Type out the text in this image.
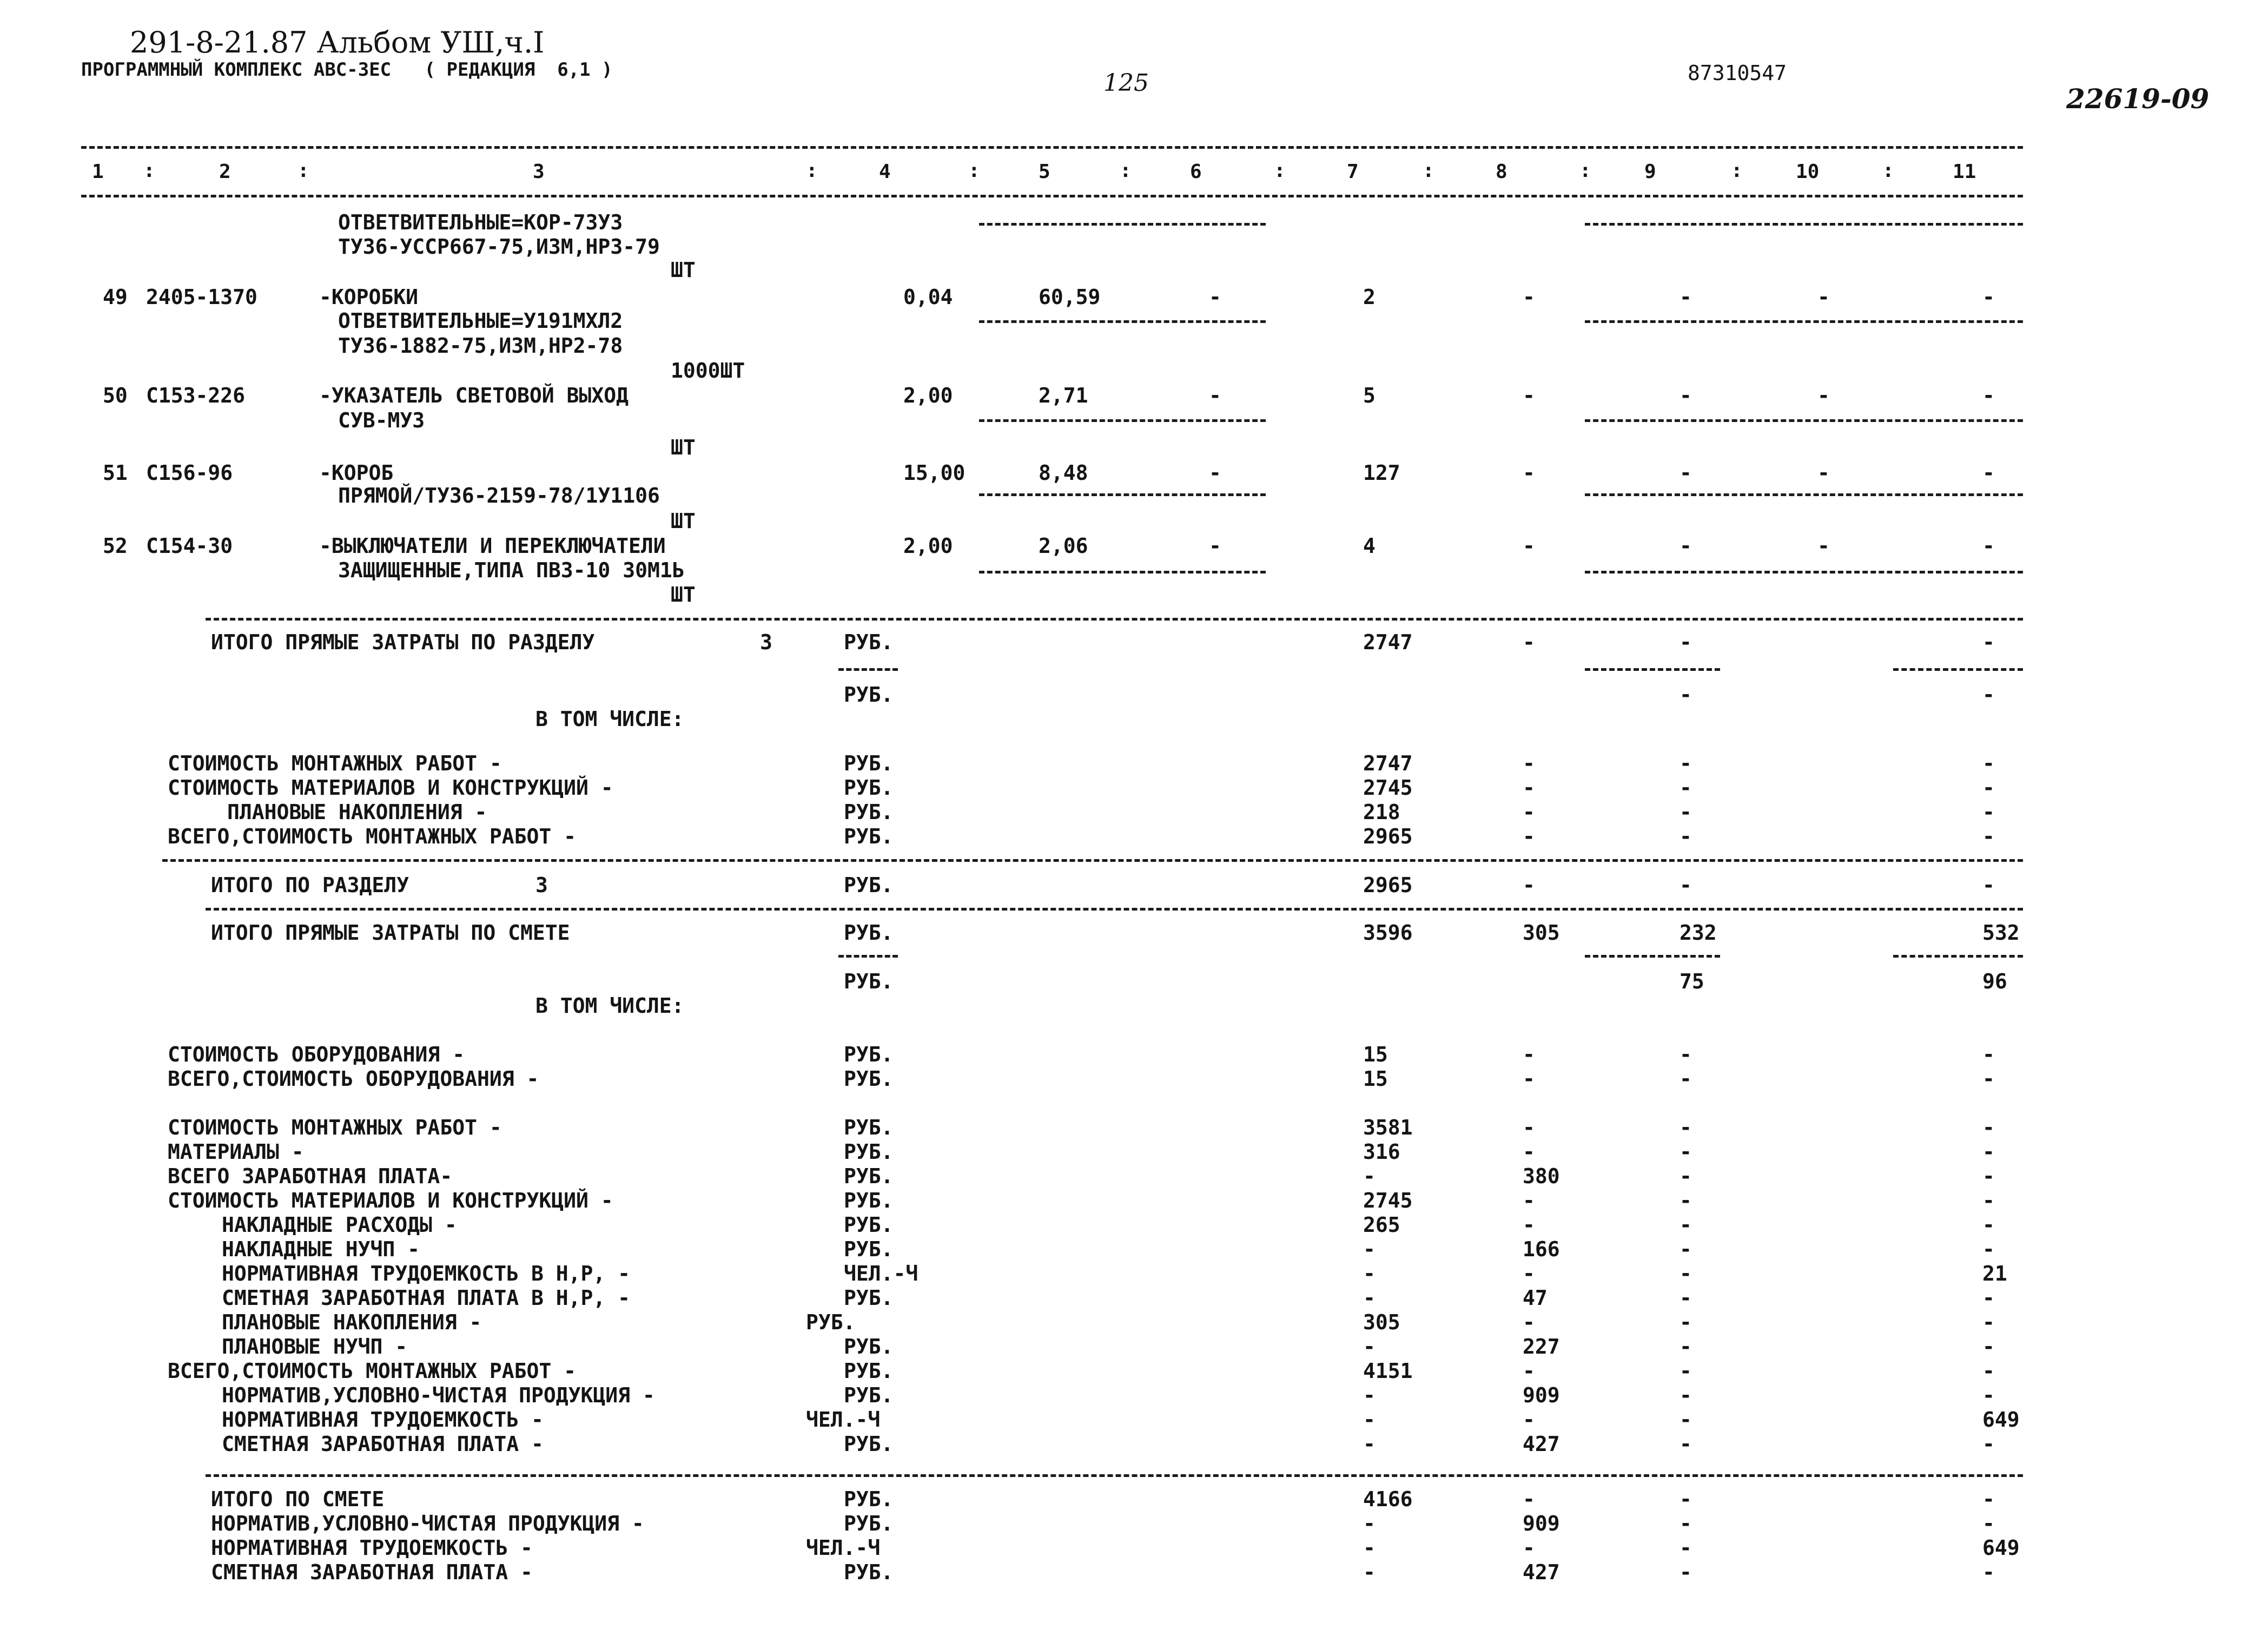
291-8-21.87 Альбом УШ,ч.I
ПРОГРАММНЫЙ КОМПЛЕКС АВС-3ЕС   ( РЕДАКЦИЯ  6,1 )	125	87310547
22619-09
1	2	3	4	5	6	7	8	9	10	11
:	:	:	:	:	:	:	:	:	:
ОТВЕТВИТЕЛЬНЫЕ=КОР-73У3
ТУ36-УССР667-75,ИЗМ,НР3-79
ШТ
49 2405-1370	-КОРОБКИ	0,04	60,59	-	2	-	-	-	-
ОТВЕТВИТЕЛЬНЫЕ=У191МХЛ2
ТУ36-1882-75,ИЗМ,НР2-78
1000ШТ
50 С153-226	-УКАЗАТЕЛЬ СВЕТОВОЙ ВЫХОД	2,00	2,71	-	5	-	-	-	-
СУВ-МУ3
ШТ
51 С156-96	-КОРОБ	15,00	8,48	-	127	-	-	-	-
ПРЯМОЙ/ТУ36-2159-78/1У1106
ШТ
52 С154-30	-ВЫКЛЮЧАТЕЛИ И ПЕРЕКЛЮЧАТЕЛИ	2,00	2,06	-	4	-	-	-	-
ЗАЩИЩЕННЫЕ,ТИПА ПВЗ-10 30М1Ь
ШТ
ИТОГО ПРЯМЫЕ ЗАТРАТЫ ПО РАЗДЕЛУ	3	РУБ.	2747	-	-	-
РУБ.	-	-
В ТОМ ЧИСЛЕ:
СТОИМОСТЬ МОНТАЖНЫХ РАБОТ -	РУБ.	2747	-	-	-
СТОИМОСТЬ МАТЕРИАЛОВ И КОНСТРУКЦИЙ -	РУБ.	2745	-	-	-
ПЛАНОВЫЕ НАКОПЛЕНИЯ -	РУБ.	218	-	-	-
ВСЕГО,СТОИМОСТЬ МОНТАЖНЫХ РАБОТ -	РУБ.	2965	-	-	-
ИТОГО ПО РАЗДЕЛУ	3	РУБ.	2965	-	-	-
ИТОГО ПРЯМЫЕ ЗАТРАТЫ ПО СМЕТЕ	РУБ.	3596	305	232	532
РУБ.	75	96
В ТОМ ЧИСЛЕ:
СТОИМОСТЬ ОБОРУДОВАНИЯ -	РУБ.	15	-	-	-
ВСЕГО,СТОИМОСТЬ ОБОРУДОВАНИЯ -	РУБ.	15	-	-	-
СТОИМОСТЬ МОНТАЖНЫХ РАБОТ -	РУБ.	3581	-	-	-
МАТЕРИАЛЫ -	РУБ.	316	-	-	-
ВСЕГО ЗАРАБОТНАЯ ПЛАТА-	РУБ.	-	380	-	-
СТОИМОСТЬ МАТЕРИАЛОВ И КОНСТРУКЦИЙ -	РУБ.	2745	-	-	-
НАКЛАДНЫЕ РАСХОДЫ -	РУБ.	265	-	-	-
НАКЛАДНЫЕ НУЧП -	РУБ.	-	166	-	-
НОРМАТИВНАЯ ТРУДОЕМКОСТЬ В Н,Р, -	ЧЕЛ.-Ч	-	-	-	21
СМЕТНАЯ ЗАРАБОТНАЯ ПЛАТА В Н,Р, -	РУБ.	-	47	-	-
ПЛАНОВЫЕ НАКОПЛЕНИЯ -	РУБ.	305	-	-	-
ПЛАНОВЫЕ НУЧП -	РУБ.	-	227	-	-
ВСЕГО,СТОИМОСТЬ МОНТАЖНЫХ РАБОТ -	РУБ.	4151	-	-	-
НОРМАТИВ,УСЛОВНО-ЧИСТАЯ ПРОДУКЦИЯ -	РУБ.	-	909	-	-
НОРМАТИВНАЯ ТРУДОЕМКОСТЬ -	ЧЕЛ.-Ч	-	-	-	649
СМЕТНАЯ ЗАРАБОТНАЯ ПЛАТА -	РУБ.	-	427	-	-
ИТОГО ПО СМЕТЕ	РУБ.	4166	-	-	-
НОРМАТИВ,УСЛОВНО-ЧИСТАЯ ПРОДУКЦИЯ -	РУБ.	-	909	-	-
НОРМАТИВНАЯ ТРУДОЕМКОСТЬ -	ЧЕЛ.-Ч	-	-	-	649
СМЕТНАЯ ЗАРАБОТНАЯ ПЛАТА -	РУБ.	-	427	-	-
